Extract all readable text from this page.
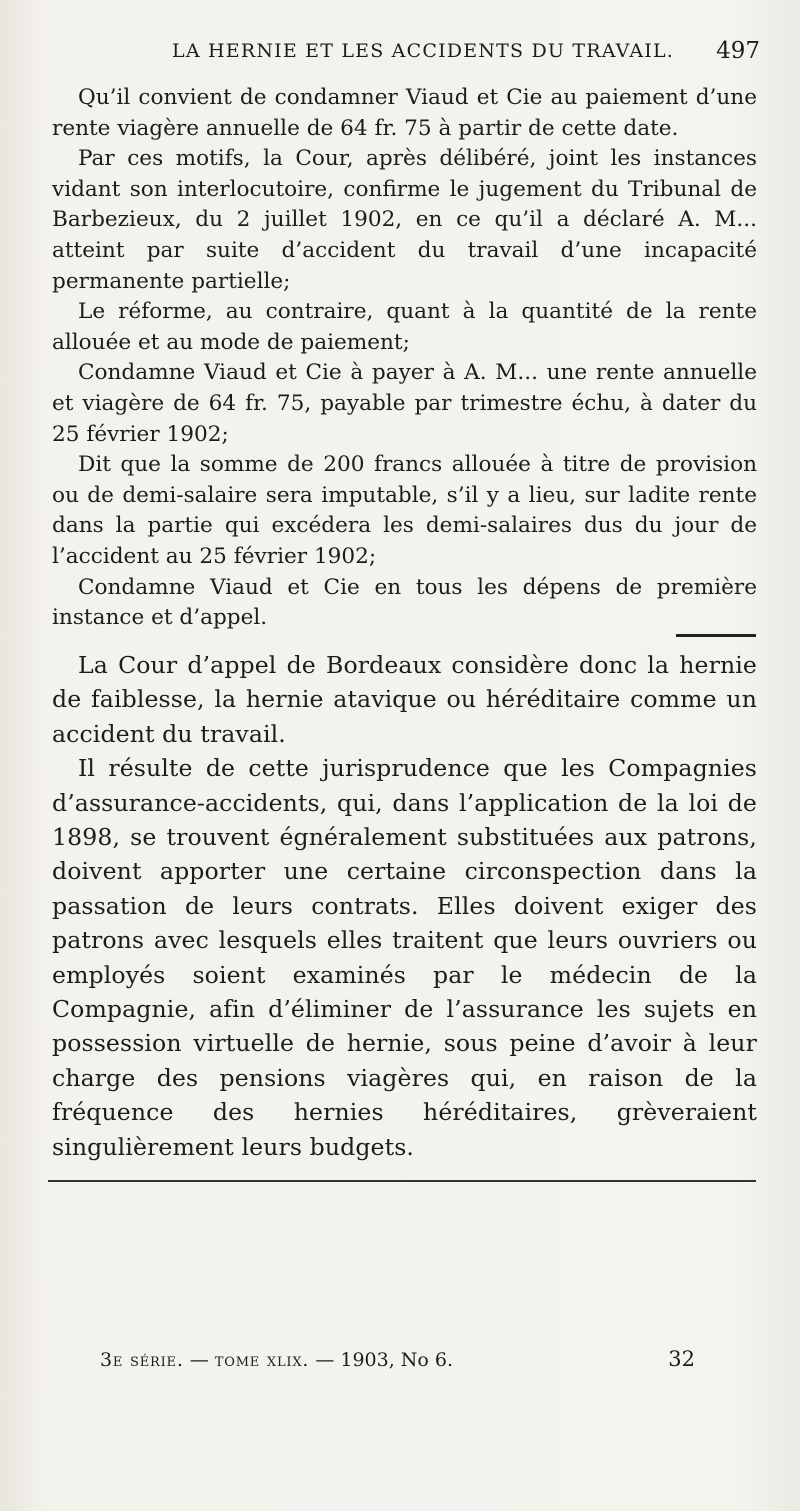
LA HERNIE ET LES ACCIDENTS DU TRAVAIL. 497

Qu’il convient de condamner Viaud et Cie au paiement d’une rente viagère annuelle de 64 fr. 75 à partir de cette date.

Par ces motifs, la Cour, après délibéré, joint les instances vidant son interlocutoire, confirme le jugement du Tribunal de Barbezieux, du 2 juillet 1902, en ce qu’il a déclaré A. M... atteint par suite d’accident du travail d’une incapacité permanente partielle;

Le réforme, au contraire, quant à la quantité de la rente allouée et au mode de paiement;

Condamne Viaud et Cie à payer à A. M... une rente annuelle et viagère de 64 fr. 75, payable par trimestre échu, à dater du 25 février 1902;

Dit que la somme de 200 francs allouée à titre de provision ou de demi-salaire sera imputable, s’il y a lieu, sur ladite rente dans la partie qui excédera les demi-salaires dus du jour de l’accident au 25 février 1902;

Condamne Viaud et Cie en tous les dépens de première instance et d’appel.

La Cour d’appel de Bordeaux considère donc la hernie de faiblesse, la hernie atavique ou héréditaire comme un accident du travail.

Il résulte de cette jurisprudence que les Compagnies d’assurance-accidents, qui, dans l’application de la loi de 1898, se trouvent égnéralement substituées aux patrons, doivent apporter une certaine circonspection dans la passation de leurs contrats. Elles doivent exiger des patrons avec lesquels elles traitent que leurs ouvriers ou employés soient examinés par le médecin de la Compagnie, afin d’éliminer de l’assurance les sujets en possession virtuelle de hernie, sous peine d’avoir à leur charge des pensions viagères qui, en raison de la fréquence des hernies héréditaires, grèveraient singulièrement leurs budgets.

3e série. — tome xlix. — 1903, No 6.	32
